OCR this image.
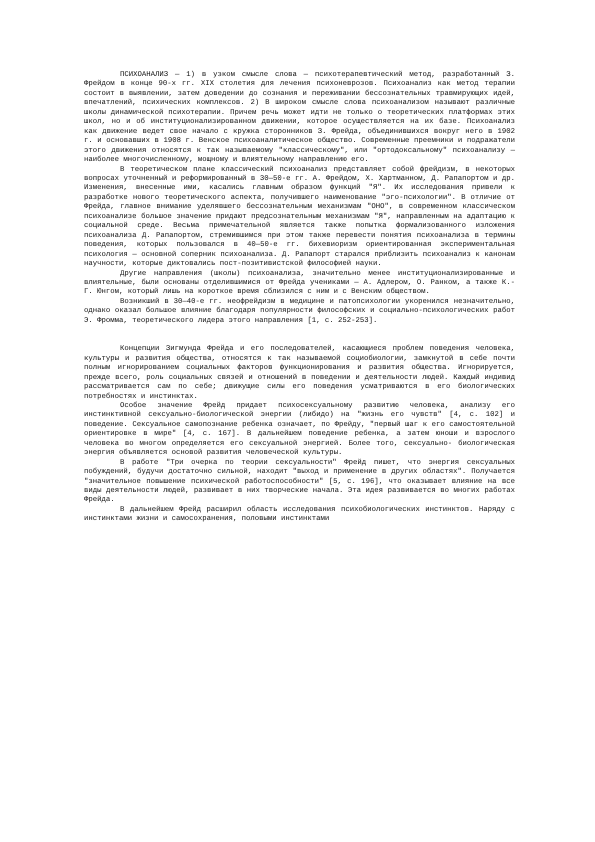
ПСИХОАНАЛИЗ — 1) в узком смысле слова — психотерапевтический метод, разработанный З. Фрейдом в конце 90-х гг. XIX столетия для лечения психоневрозов. Психоанализ как метод терапии состоит в выявлении, затем доведении до сознания и переживании бессознательных травмирующих идей, впечатлений, психических комплексов. 2) В широком смысле слова психоанализом называют различные школы динамической психотерапии. Причем речь может идти не только о теоретических платформах этих школ, но и об институционализированном движении, которое осуществляется на их базе. Психоанализ как движение ведет свое начало с кружка сторонников З. Фрейда, объединившихся вокруг него в 1902 г. и основавших в 1908 г. Венское психоаналитическое общество. Современные преемники и подражатели этого движения относятся к так называемому "классическому", или "ортодоксальному" психоанализу — наиболее многочисленному, мощному и влиятельному направлению его.

В теоретическом плане классический психоанализ представляет собой фрейдизм, в некоторых вопросах уточненный и реформированный в 30—50-е гг. А. Фрейдом, Х. Хартманном, Д. Рапапортом и др. Изменения, внесенные ими, касались главным образом функций "Я". Их исследования привели к разработке нового теоретического аспекта, получившего наименование "эго-психологии". В отличие от Фрейда, главное внимание уделявшего бессознательным механизмам "ОНО", в современном классическом психоанализе большое значение придают предсознательным механизмам "Я", направленным на адаптацию к социальной среде. Весьма примечательной является также попытка формализованного изложения психоанализа Д. Рапапортом, стремившимся при этом также перевести понятия психоанализа в термины поведения, которых пользовался в 40—50-е гг. бихевиоризм ориентированная экспериментальная психология — основной соперник психоанализа. Д. Рапапорт старался приблизить психоанализ к канонам научности, которые диктовались пост-позитивистской философией науки.

Другие направления (школы) психоанализа, значительно менее институционализированные и влиятельные, были основаны отделившимися от Фрейда учениками — А. Адлером, О. Ранком, а также К.-Г. Юнгом, который лишь на короткое время сблизился с ним и с Венским обществом.

Возникший в 30—40-е гг. неофрейдизм в медицине и патопсихологии укоренился незначительно, однако оказал большое влияние благодаря популярности философских и социально-психологических работ Э. Фромма, теоретического лидера этого направления [1, с. 252-253].

Концепции Зигмунда Фрейда и его последователей, касающиеся проблем поведения человека, культуры и развития общества, относятся к так называемой социобиологии, замкнутой в себе почти полным игнорированием социальных факторов функционирования и развития общества. Игнорируется, прежде всего, роль социальных связей и отношений в поведении и деятельности людей. Каждый индивид рассматривается сам по себе; движущие силы его поведения усматриваются в его биологических потребностях и инстинктах.

Особое значение Фрейд придает психосексуальному развитию человека, анализу его инстинктивной сексуально-биологической энергии (либидо) на "жизнь его чувств" [4, с. 102] и поведение. Сексуальное самопознание ребенка означает, по Фрейду, "первый шаг к его самостоятельной ориентировке в мире" [4, с. 167]. В дальнейшем поведение ребенка, а затем юноши и взрослого человека во многом определяется его сексуальной энергией. Более того, сексуально- биологическая энергия объявляется основой развития человеческой культуры.

В работе "Три очерка по теории сексуальности" Фрейд пишет, что энергия сексуальных побуждений, будучи достаточно сильной, находит "выход и применение в других областях". Получается "значительное повышение психической работоспособности" [5, с. 196], что оказывает влияние на все виды деятельности людей, развивает в них творческие начала. Эта идея развивается во многих работах Фрейда.

В дальнейшем Фрейд расширил область исследования психобиологических инстинктов. Наряду с инстинктами жизни и самосохранения, половыми инстинктами
